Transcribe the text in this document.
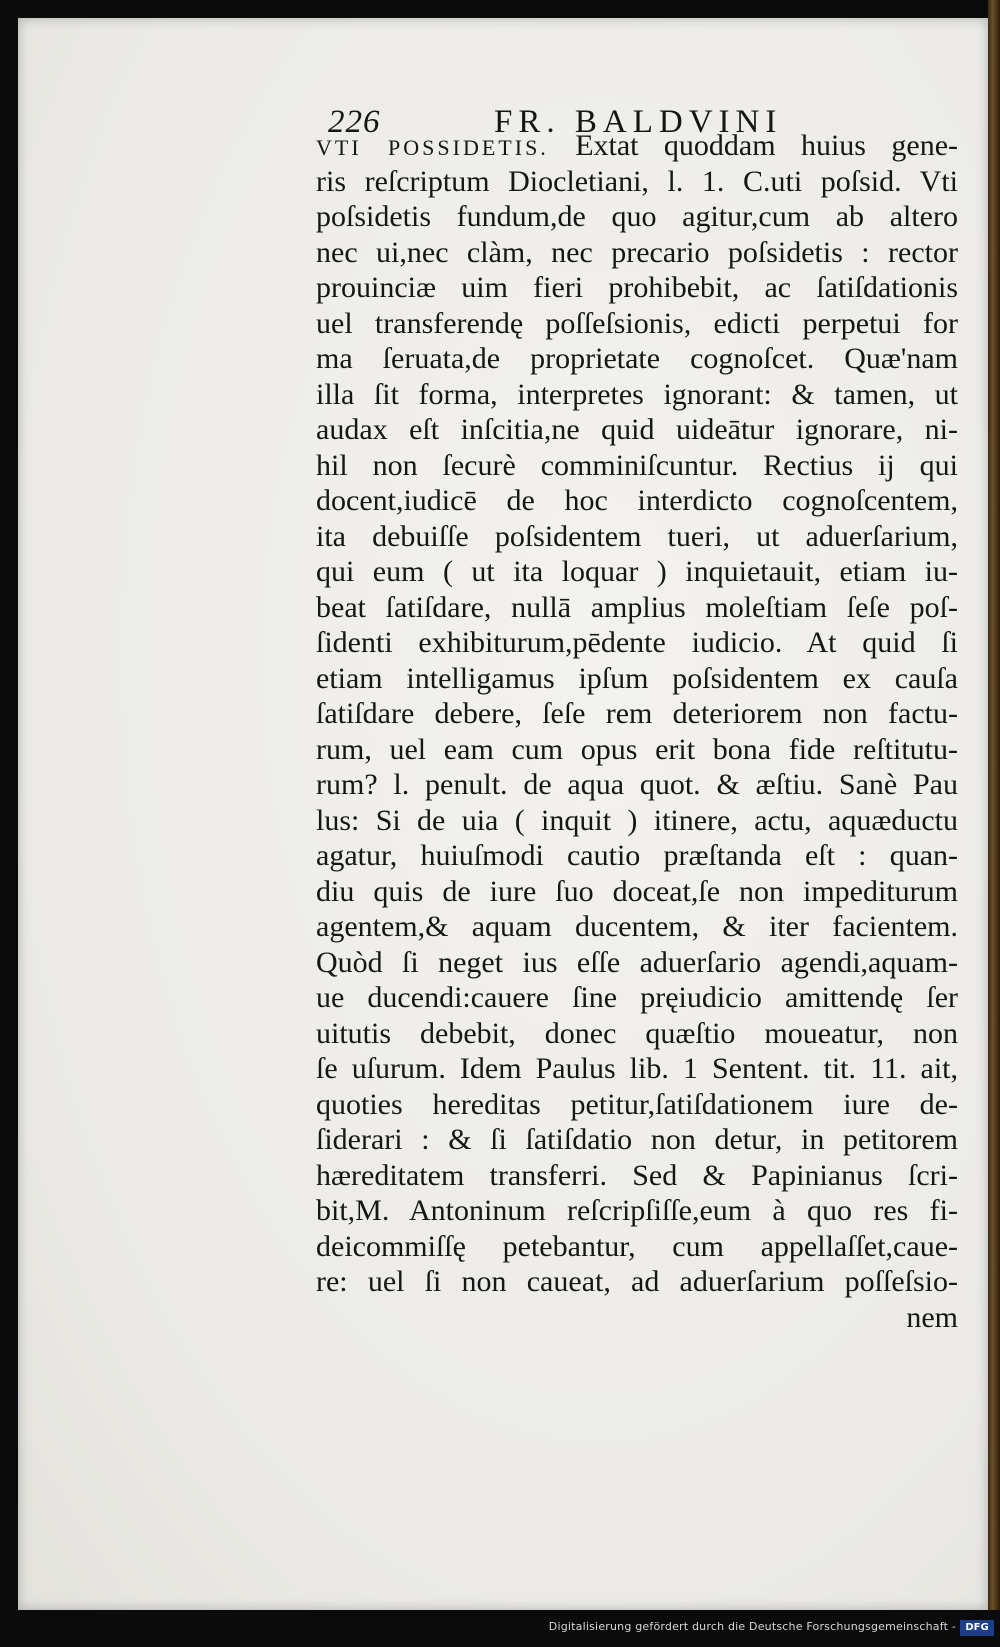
226	FR. BALDVINI
VTI POSSIDETIS. Extat quoddam huius gene-
ris reſcriptum Diocletiani, l. 1. C.uti poſsid. Vti
poſsidetis fundum,de quo agitur,cum ab altero
nec ui,nec clàm, nec precario poſsidetis : rector
prouinciæ uim fieri prohibebit, ac ſatiſdationis
uel transferendę poſſeſsionis, edicti perpetui for
ma ſeruata,de proprietate cognoſcet. Quæ'nam
illa ſit forma, interpretes ignorant: & tamen, ut
audax eſt inſcitia,ne quid uideātur ignorare, ni-
hil non ſecurè comminiſcuntur. Rectius ij qui
docent,iudicē de hoc interdicto cognoſcentem,
ita debuiſſe poſsidentem tueri, ut aduerſarium,
qui eum ( ut ita loquar ) inquietauit, etiam iu-
beat ſatiſdare, nullā amplius moleſtiam ſeſe poſ-
ſidenti exhibiturum,pēdente iudicio. At quid ſi
etiam intelligamus ipſum poſsidentem ex cauſa
ſatiſdare debere, ſeſe rem deteriorem non factu-
rum, uel eam cum opus erit bona fide reſtitutu-
rum? l. penult. de aqua quot. & æſtiu. Sanè Pau
lus: Si de uia ( inquit ) itinere, actu, aquæductu
agatur, huiuſmodi cautio præſtanda eſt : quan-
diu quis de iure ſuo doceat,ſe non impediturum
agentem,& aquam ducentem, & iter facientem.
Quòd ſi neget ius eſſe aduerſario agendi,aquam-
ue ducendi:cauere ſine pręiudicio amittendę ſer
uitutis debebit, donec quæſtio moueatur, non
ſe uſurum. Idem Paulus lib. 1 Sentent. tit. 11. ait,
quoties hereditas petitur,ſatiſdationem iure de-
ſiderari : & ſi ſatiſdatio non detur, in petitorem
hæreditatem transferri. Sed & Papinianus ſcri-
bit,M. Antoninum reſcripſiſſe,eum à quo res fi-
deicommiſſę petebantur, cum appellaſſet,caue-
re: uel ſi non caueat, ad aduerſarium poſſeſsio-
nem
Digitalisierung gefördert durch die Deutsche Forschungsgemeinschaft - DFG
